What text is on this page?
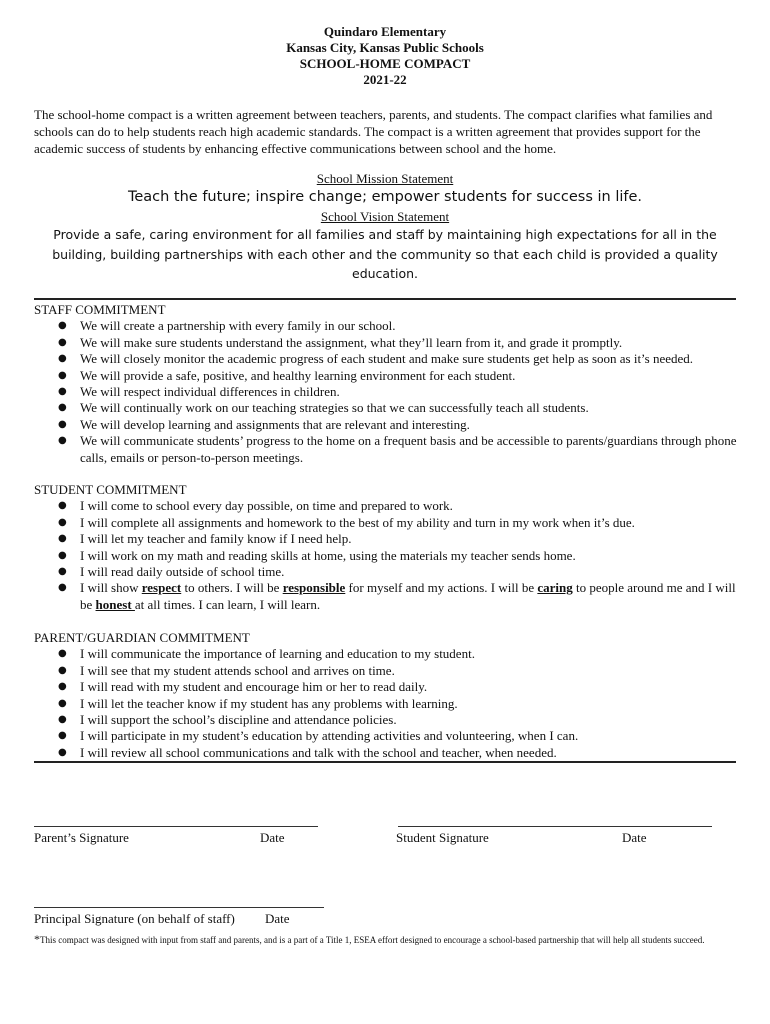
Quindaro Elementary
Kansas City, Kansas Public Schools
SCHOOL-HOME COMPACT
2021-22
The school-home compact is a written agreement between teachers, parents, and students. The compact clarifies what families and schools can do to help students reach high academic standards. The compact is a written agreement that provides support for the academic success of students by enhancing effective communications between school and the home.
School Mission Statement
Teach the future; inspire change; empower students for success in life.
School Vision Statement
Provide a safe, caring environment for all families and staff by maintaining high expectations for all in the building, building partnerships with each other and the community so that each child is provided a quality education.
STAFF COMMITMENT
● We will create a partnership with every family in our school.
● We will make sure students understand the assignment, what they’ll learn from it, and grade it promptly.
● We will closely monitor the academic progress of each student and make sure students get help as soon as it’s needed.
● We will provide a safe, positive, and healthy learning environment for each student.
● We will respect individual differences in children.
● We will continually work on our teaching strategies so that we can successfully teach all students.
● We will develop learning and assignments that are relevant and interesting.
● We will communicate students’ progress to the home on a frequent basis and be accessible to parents/guardians through phone calls, emails or person-to-person meetings.
STUDENT COMMITMENT
● I will come to school every day possible, on time and prepared to work.
● I will complete all assignments and homework to the best of my ability and turn in my work when it’s due.
● I will let my teacher and family know if I need help.
● I will work on my math and reading skills at home, using the materials my teacher sends home.
● I will read daily outside of school time.
● I will show respect to others. I will be responsible for myself and my actions. I will be caring to people around me and I will be honest at all times. I can learn, I will learn.
PARENT/GUARDIAN COMMITMENT
● I will communicate the importance of learning and education to my student.
● I will see that my student attends school and arrives on time.
● I will read with my student and encourage him or her to read daily.
● I will let the teacher know if my student has any problems with learning.
● I will support the school’s discipline and attendance policies.
● I will participate in my student’s education by attending activities and volunteering, when I can.
● I will review all school communications and talk with the school and teacher, when needed.
Parent’s Signature	Date	Student Signature	Date
Principal Signature (on behalf of staff) Date
*This compact was designed with input from staff and parents, and is a part of a Title 1, ESEA effort designed to encourage a school-based partnership that will help all students succeed.
